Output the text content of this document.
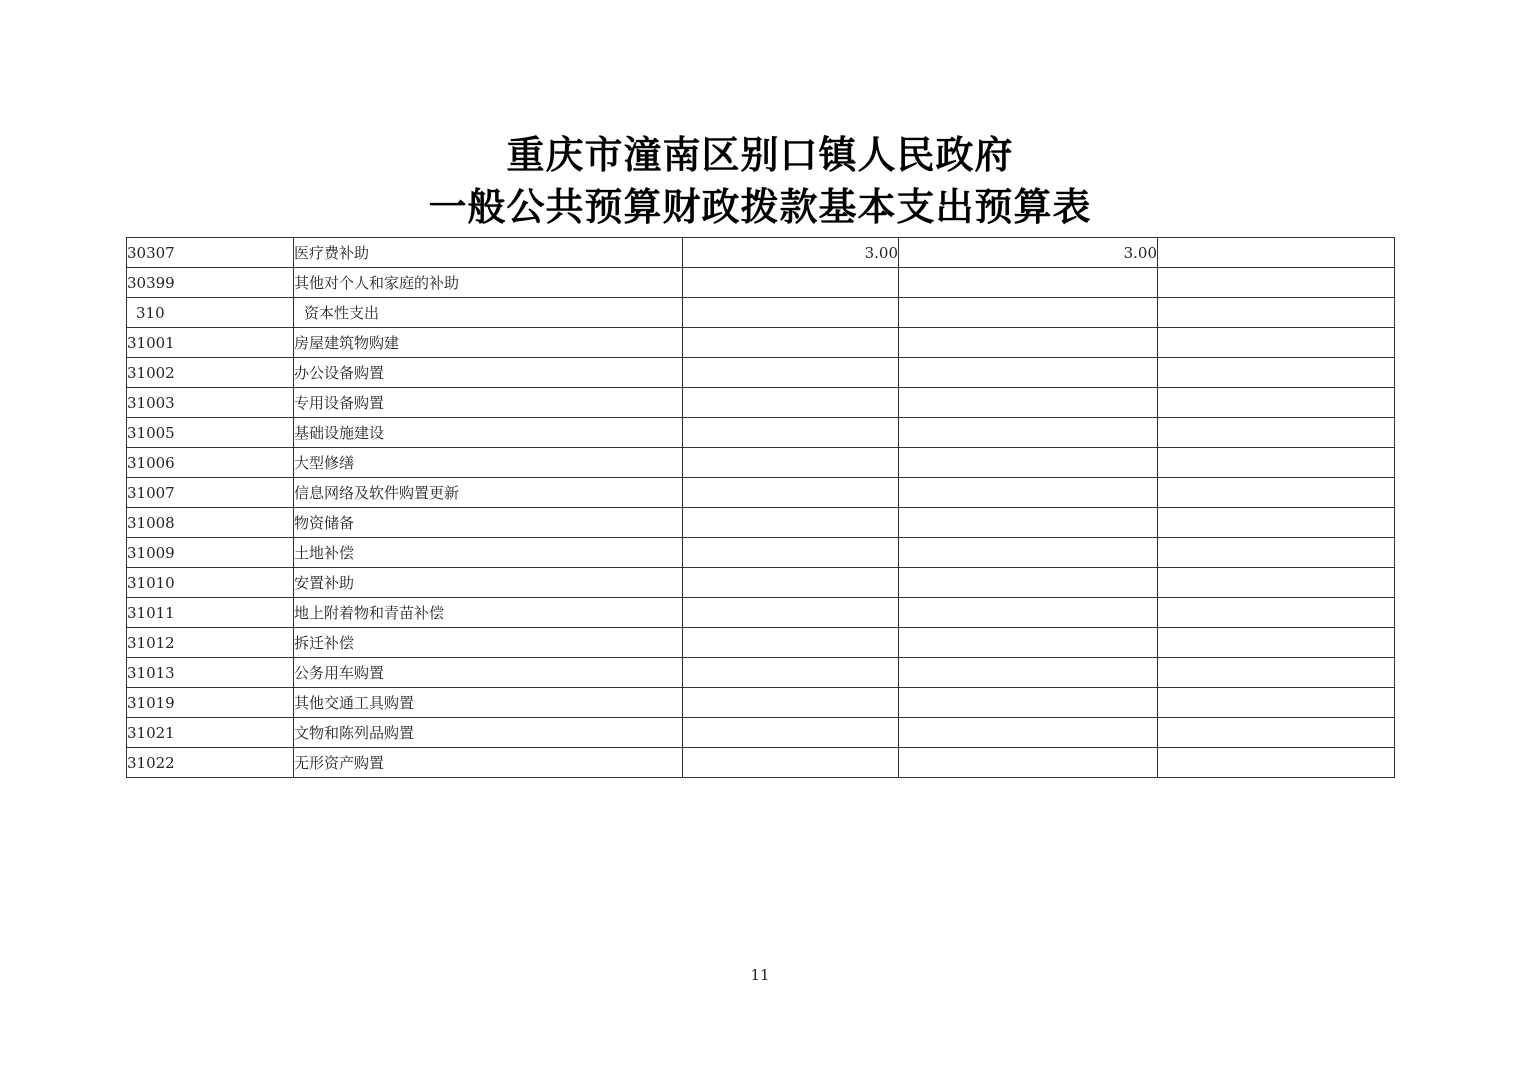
重庆市潼南区别口镇人民政府
一般公共预算财政拨款基本支出预算表
30307	医疗费补助	3.00	3.00	
30399	其他对个人和家庭的补助			
310	资本性支出			
31001	房屋建筑物购建			
31002	办公设备购置			
31003	专用设备购置			
31005	基础设施建设			
31006	大型修缮			
31007	信息网络及软件购置更新			
31008	物资储备			
31009	土地补偿			
31010	安置补助			
31011	地上附着物和青苗补偿			
31012	拆迁补偿			
31013	公务用车购置			
31019	其他交通工具购置			
31021	文物和陈列品购置			
31022	无形资产购置			
11
